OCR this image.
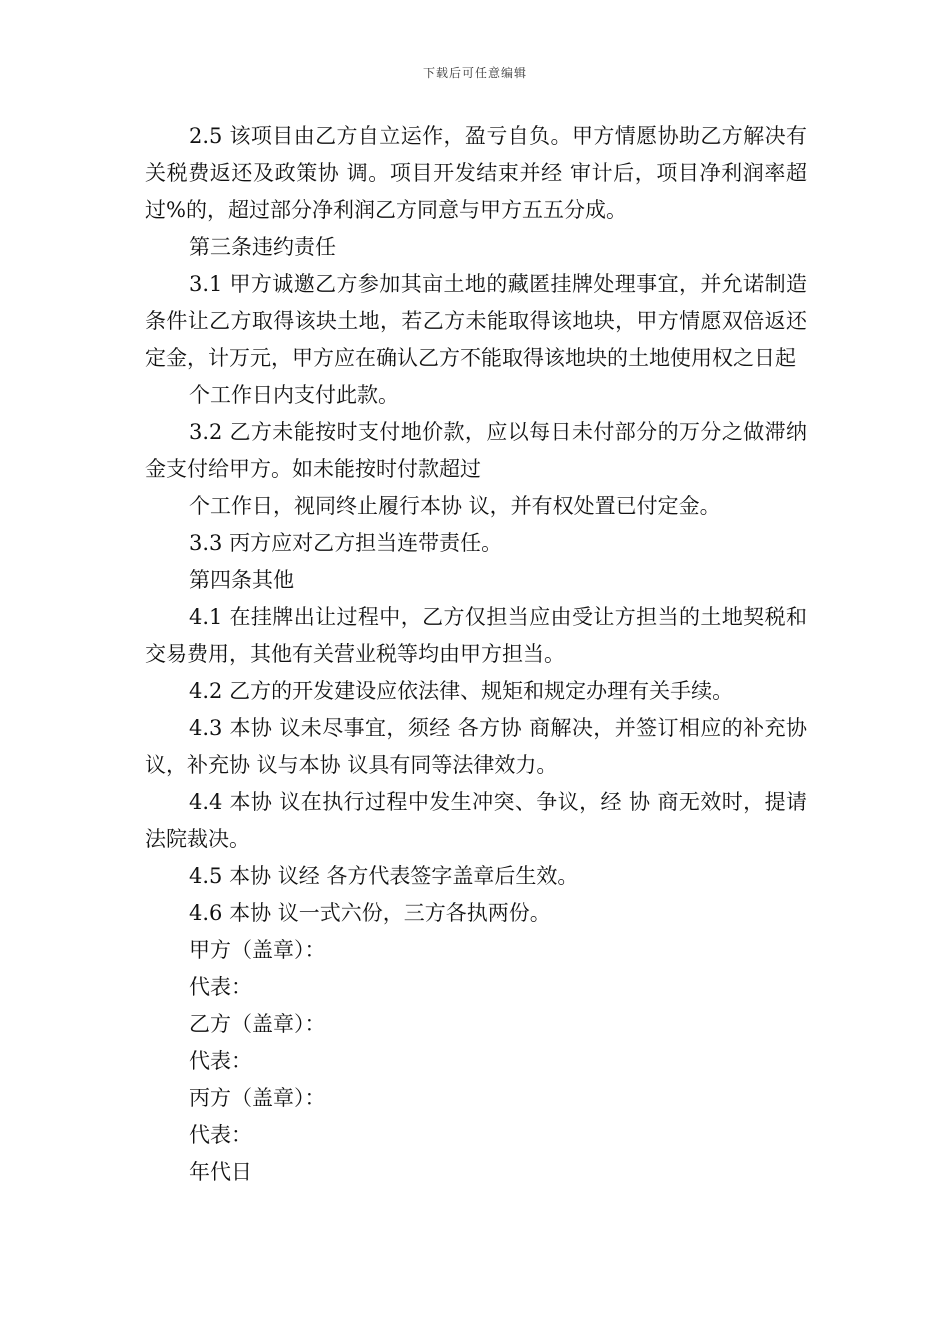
下载后可任意编辑

2.5 该项目由乙方自立运作，盈亏自负。甲方情愿协助乙方解决有关税费返还及政策协 调。项目开发结束并经 审计后，项目净利润率超过%的，超过部分净利润乙方同意与甲方五五分成。

第三条违约责任

3.1 甲方诚邀乙方参加其亩土地的藏匿挂牌处理事宜，并允诺制造条件让乙方取得该块土地，若乙方未能取得该地块，甲方情愿双倍返还定金，计万元，甲方应在确认乙方不能取得该地块的土地使用权之日起

个工作日内支付此款。

3.2 乙方未能按时支付地价款，应以每日未付部分的万分之做滞纳金支付给甲方。如未能按时付款超过

个工作日，视同终止履行本协 议，并有权处置已付定金。

3.3 丙方应对乙方担当连带责任。

第四条其他

4.1 在挂牌出让过程中，乙方仅担当应由受让方担当的土地契税和交易费用，其他有关营业税等均由甲方担当。

4.2 乙方的开发建设应依法律、规矩和规定办理有关手续。

4.3 本协 议未尽事宜，须经 各方协 商解决，并签订相应的补充协 议，补充协 议与本协 议具有同等法律效力。

4.4 本协 议在执行过程中发生冲突、争议，经 协 商无效时，提请法院裁决。

4.5 本协 议经 各方代表签字盖章后生效。

4.6 本协 议一式六份，三方各执两份。

甲方（盖章）：

代表：

乙方（盖章）：

代表：

丙方（盖章）：

代表：

年代日
